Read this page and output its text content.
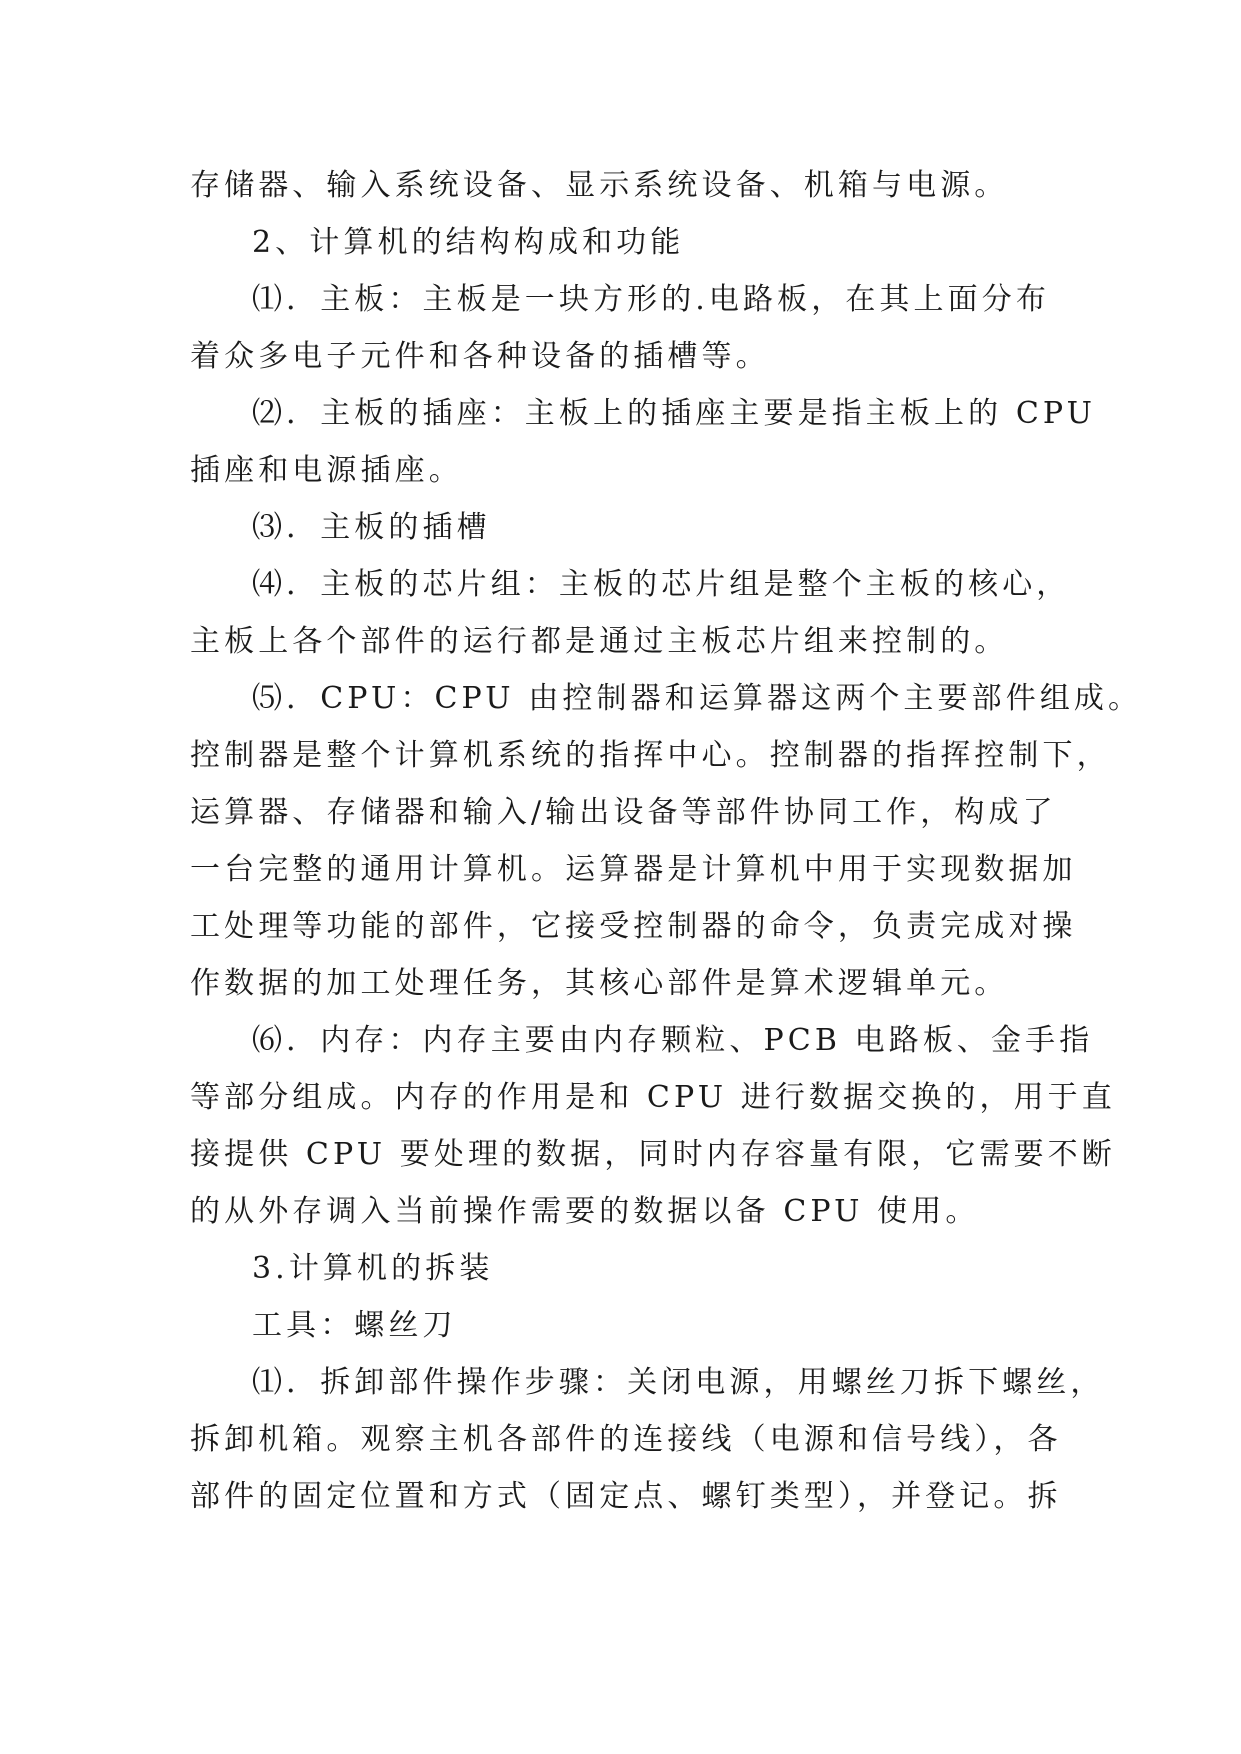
存储器、输入系统设备、显示系统设备、机箱与电源。
2、计算机的结构构成和功能
⑴．主板：主板是一块方形的.电路板，在其上面分布
着众多电子元件和各种设备的插槽等。
⑵．主板的插座：主板上的插座主要是指主板上的 CPU
插座和电源插座。
⑶．主板的插槽
⑷．主板的芯片组：主板的芯片组是整个主板的核心，
主板上各个部件的运行都是通过主板芯片组来控制的。
⑸．CPU：CPU 由控制器和运算器这两个主要部件组成。
控制器是整个计算机系统的指挥中心。控制器的指挥控制下，
运算器、存储器和输入/输出设备等部件协同工作，构成了
一台完整的通用计算机。运算器是计算机中用于实现数据加
工处理等功能的部件，它接受控制器的命令，负责完成对操
作数据的加工处理任务，其核心部件是算术逻辑单元。
⑹．内存：内存主要由内存颗粒、PCB 电路板、金手指
等部分组成。内存的作用是和 CPU 进行数据交换的，用于直
接提供 CPU 要处理的数据，同时内存容量有限，它需要不断
的从外存调入当前操作需要的数据以备 CPU 使用。
3.计算机的拆装
工具：螺丝刀
⑴．拆卸部件操作步骤：关闭电源，用螺丝刀拆下螺丝，
拆卸机箱。观察主机各部件的连接线（电源和信号线），各
部件的固定位置和方式（固定点、螺钉类型），并登记。拆
